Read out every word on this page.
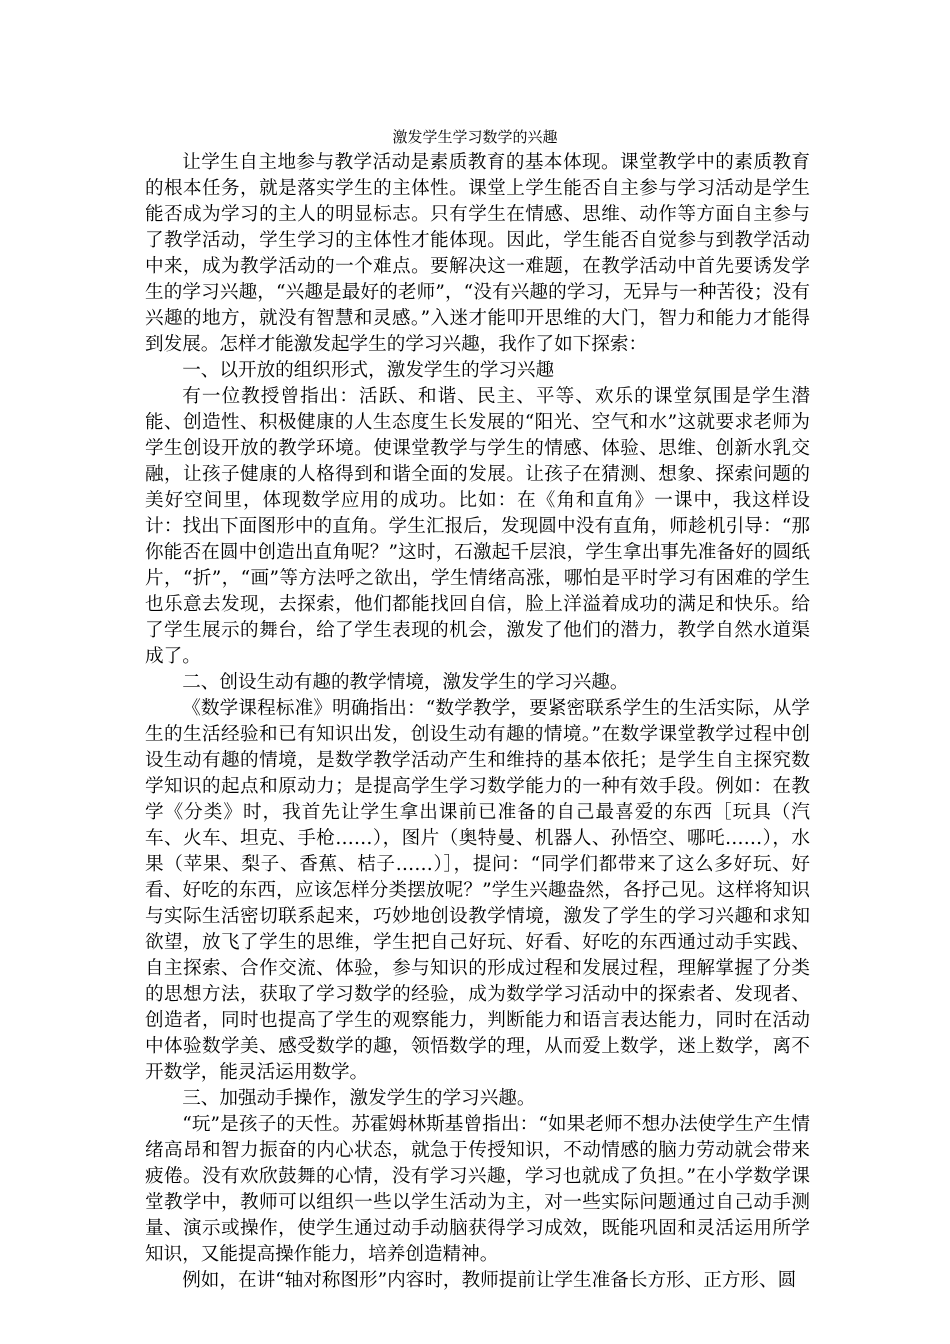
激发学生学习数学的兴趣

让学生自主地参与教学活动是素质教育的基本体现。课堂教学中的素质教育的根本任务，就是落实学生的主体性。课堂上学生能否自主参与学习活动是学生能否成为学习的主人的明显标志。只有学生在情感、思维、动作等方面自主参与了教学活动，学生学习的主体性才能体现。因此，学生能否自觉参与到教学活动中来，成为教学活动的一个难点。要解决这一难题，在教学活动中首先要诱发学生的学习兴趣，“兴趣是最好的老师”，“没有兴趣的学习，无异与一种苦役；没有兴趣的地方，就没有智慧和灵感。”入迷才能叩开思维的大门，智力和能力才能得到发展。怎样才能激发起学生的学习兴趣，我作了如下探索：

一、以开放的组织形式，激发学生的学习兴趣

有一位教授曾指出：活跃、和谐、民主、平等、欢乐的课堂氛围是学生潜能、创造性、积极健康的人生态度生长发展的“阳光、空气和水”这就要求老师为学生创设开放的教学环境。使课堂教学与学生的情感、体验、思维、创新水乳交融，让孩子健康的人格得到和谐全面的发展。让孩子在猜测、想象、探索问题的美好空间里，体现数学应用的成功。比如：在《角和直角》一课中，我这样设计：找出下面图形中的直角。学生汇报后，发现圆中没有直角，师趁机引导：“那你能否在圆中创造出直角呢？”这时，石激起千层浪，学生拿出事先准备好的圆纸片，“折”，“画”等方法呼之欲出，学生情绪高涨，哪怕是平时学习有困难的学生也乐意去发现，去探索，他们都能找回自信，脸上洋溢着成功的满足和快乐。给了学生展示的舞台，给了学生表现的机会，激发了他们的潜力，教学自然水道渠成了。

二、创设生动有趣的教学情境，激发学生的学习兴趣。

《数学课程标准》明确指出：“数学教学，要紧密联系学生的生活实际，从学生的生活经验和已有知识出发，创设生动有趣的情境。”在数学课堂教学过程中创设生动有趣的情境，是数学教学活动产生和维持的基本依托；是学生自主探究数学知识的起点和原动力；是提高学生学习数学能力的一种有效手段。例如：在教学《分类》时，我首先让学生拿出课前已准备的自己最喜爱的东西［玩具（汽车、火车、坦克、手枪……），图片（奥特曼、机器人、孙悟空、哪吒……），水果（苹果、梨子、香蕉、桔子……）］，提问：“同学们都带来了这么多好玩、好看、好吃的东西，应该怎样分类摆放呢？”学生兴趣盎然，各抒己见。这样将知识与实际生活密切联系起来，巧妙地创设教学情境，激发了学生的学习兴趣和求知欲望，放飞了学生的思维，学生把自己好玩、好看、好吃的东西通过动手实践、自主探索、合作交流、体验，参与知识的形成过程和发展过程，理解掌握了分类的思想方法，获取了学习数学的经验，成为数学学习活动中的探索者、发现者、创造者，同时也提高了学生的观察能力，判断能力和语言表达能力，同时在活动中体验数学美、感受数学的趣，领悟数学的理，从而爱上数学，迷上数学，离不开数学，能灵活运用数学。

三、加强动手操作，激发学生的学习兴趣。

“玩”是孩子的天性。苏霍姆林斯基曾指出：“如果老师不想办法使学生产生情绪高昂和智力振奋的内心状态，就急于传授知识，不动情感的脑力劳动就会带来疲倦。没有欢欣鼓舞的心情，没有学习兴趣，学习也就成了负担。”在小学数学课堂教学中，教师可以组织一些以学生活动为主，对一些实际问题通过自己动手测量、演示或操作，使学生通过动手动脑获得学习成效，既能巩固和灵活运用所学知识，又能提高操作能力，培养创造精神。

例如，在讲“轴对称图形”内容时，教师提前让学生准备长方形、正方形、圆
